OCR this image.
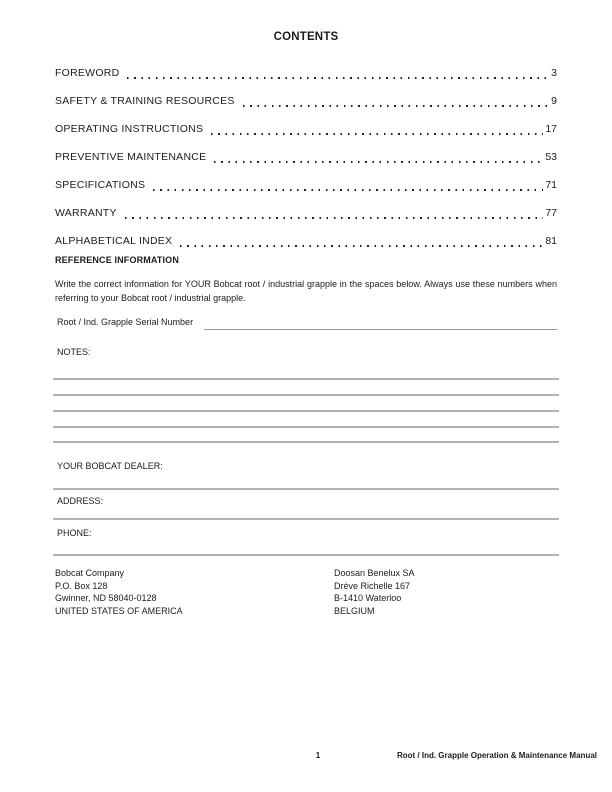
CONTENTS
FOREWORD	3
SAFETY & TRAINING RESOURCES	9
OPERATING INSTRUCTIONS	17
PREVENTIVE MAINTENANCE	53
SPECIFICATIONS	71
WARRANTY	77
ALPHABETICAL INDEX	81
REFERENCE INFORMATION
Write the correct information for YOUR Bobcat root / industrial grapple in the spaces below. Always use these numbers when referring to your Bobcat root / industrial grapple.
Root / Ind. Grapple Serial Number
NOTES:
YOUR BOBCAT DEALER:
ADDRESS:
PHONE:
Bobcat Company
P.O. Box 128
Gwinner, ND 58040-0128
UNITED STATES OF AMERICA
Doosan Benelux SA
Drève Richelle 167
B-1410 Waterloo
BELGIUM
1	Root / Ind. Grapple Operation & Maintenance Manual
